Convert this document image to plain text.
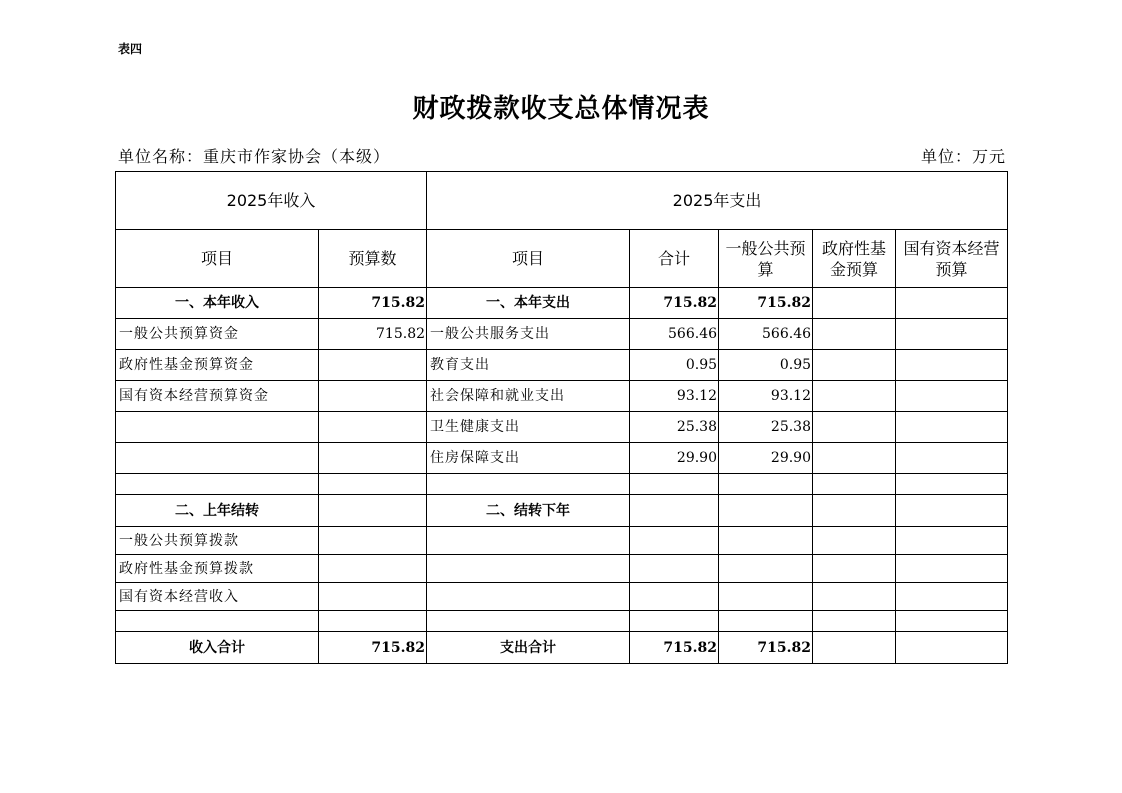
表四
财政拨款收支总体情况表
单位名称：重庆市作家协会（本级）	单位：万元
2025年收入		2025年支出				
项目	预算数	项目	合计	一般公共预算	政府性基金预算	国有资本经营预算
一、本年收入	715.82	一、本年支出	715.82	715.82		
一般公共预算资金	715.82	一般公共服务支出	566.46	566.46		
政府性基金预算资金		教育支出	0.95	0.95		
国有资本经营预算资金		社会保障和就业支出	93.12	93.12		
		卫生健康支出	25.38	25.38		
		住房保障支出	29.90	29.90		

二、上年结转		二、结转下年				
一般公共预算拨款						
政府性基金预算拨款						
国有资本经营收入						

收入合计	715.82	支出合计	715.82	715.82		
